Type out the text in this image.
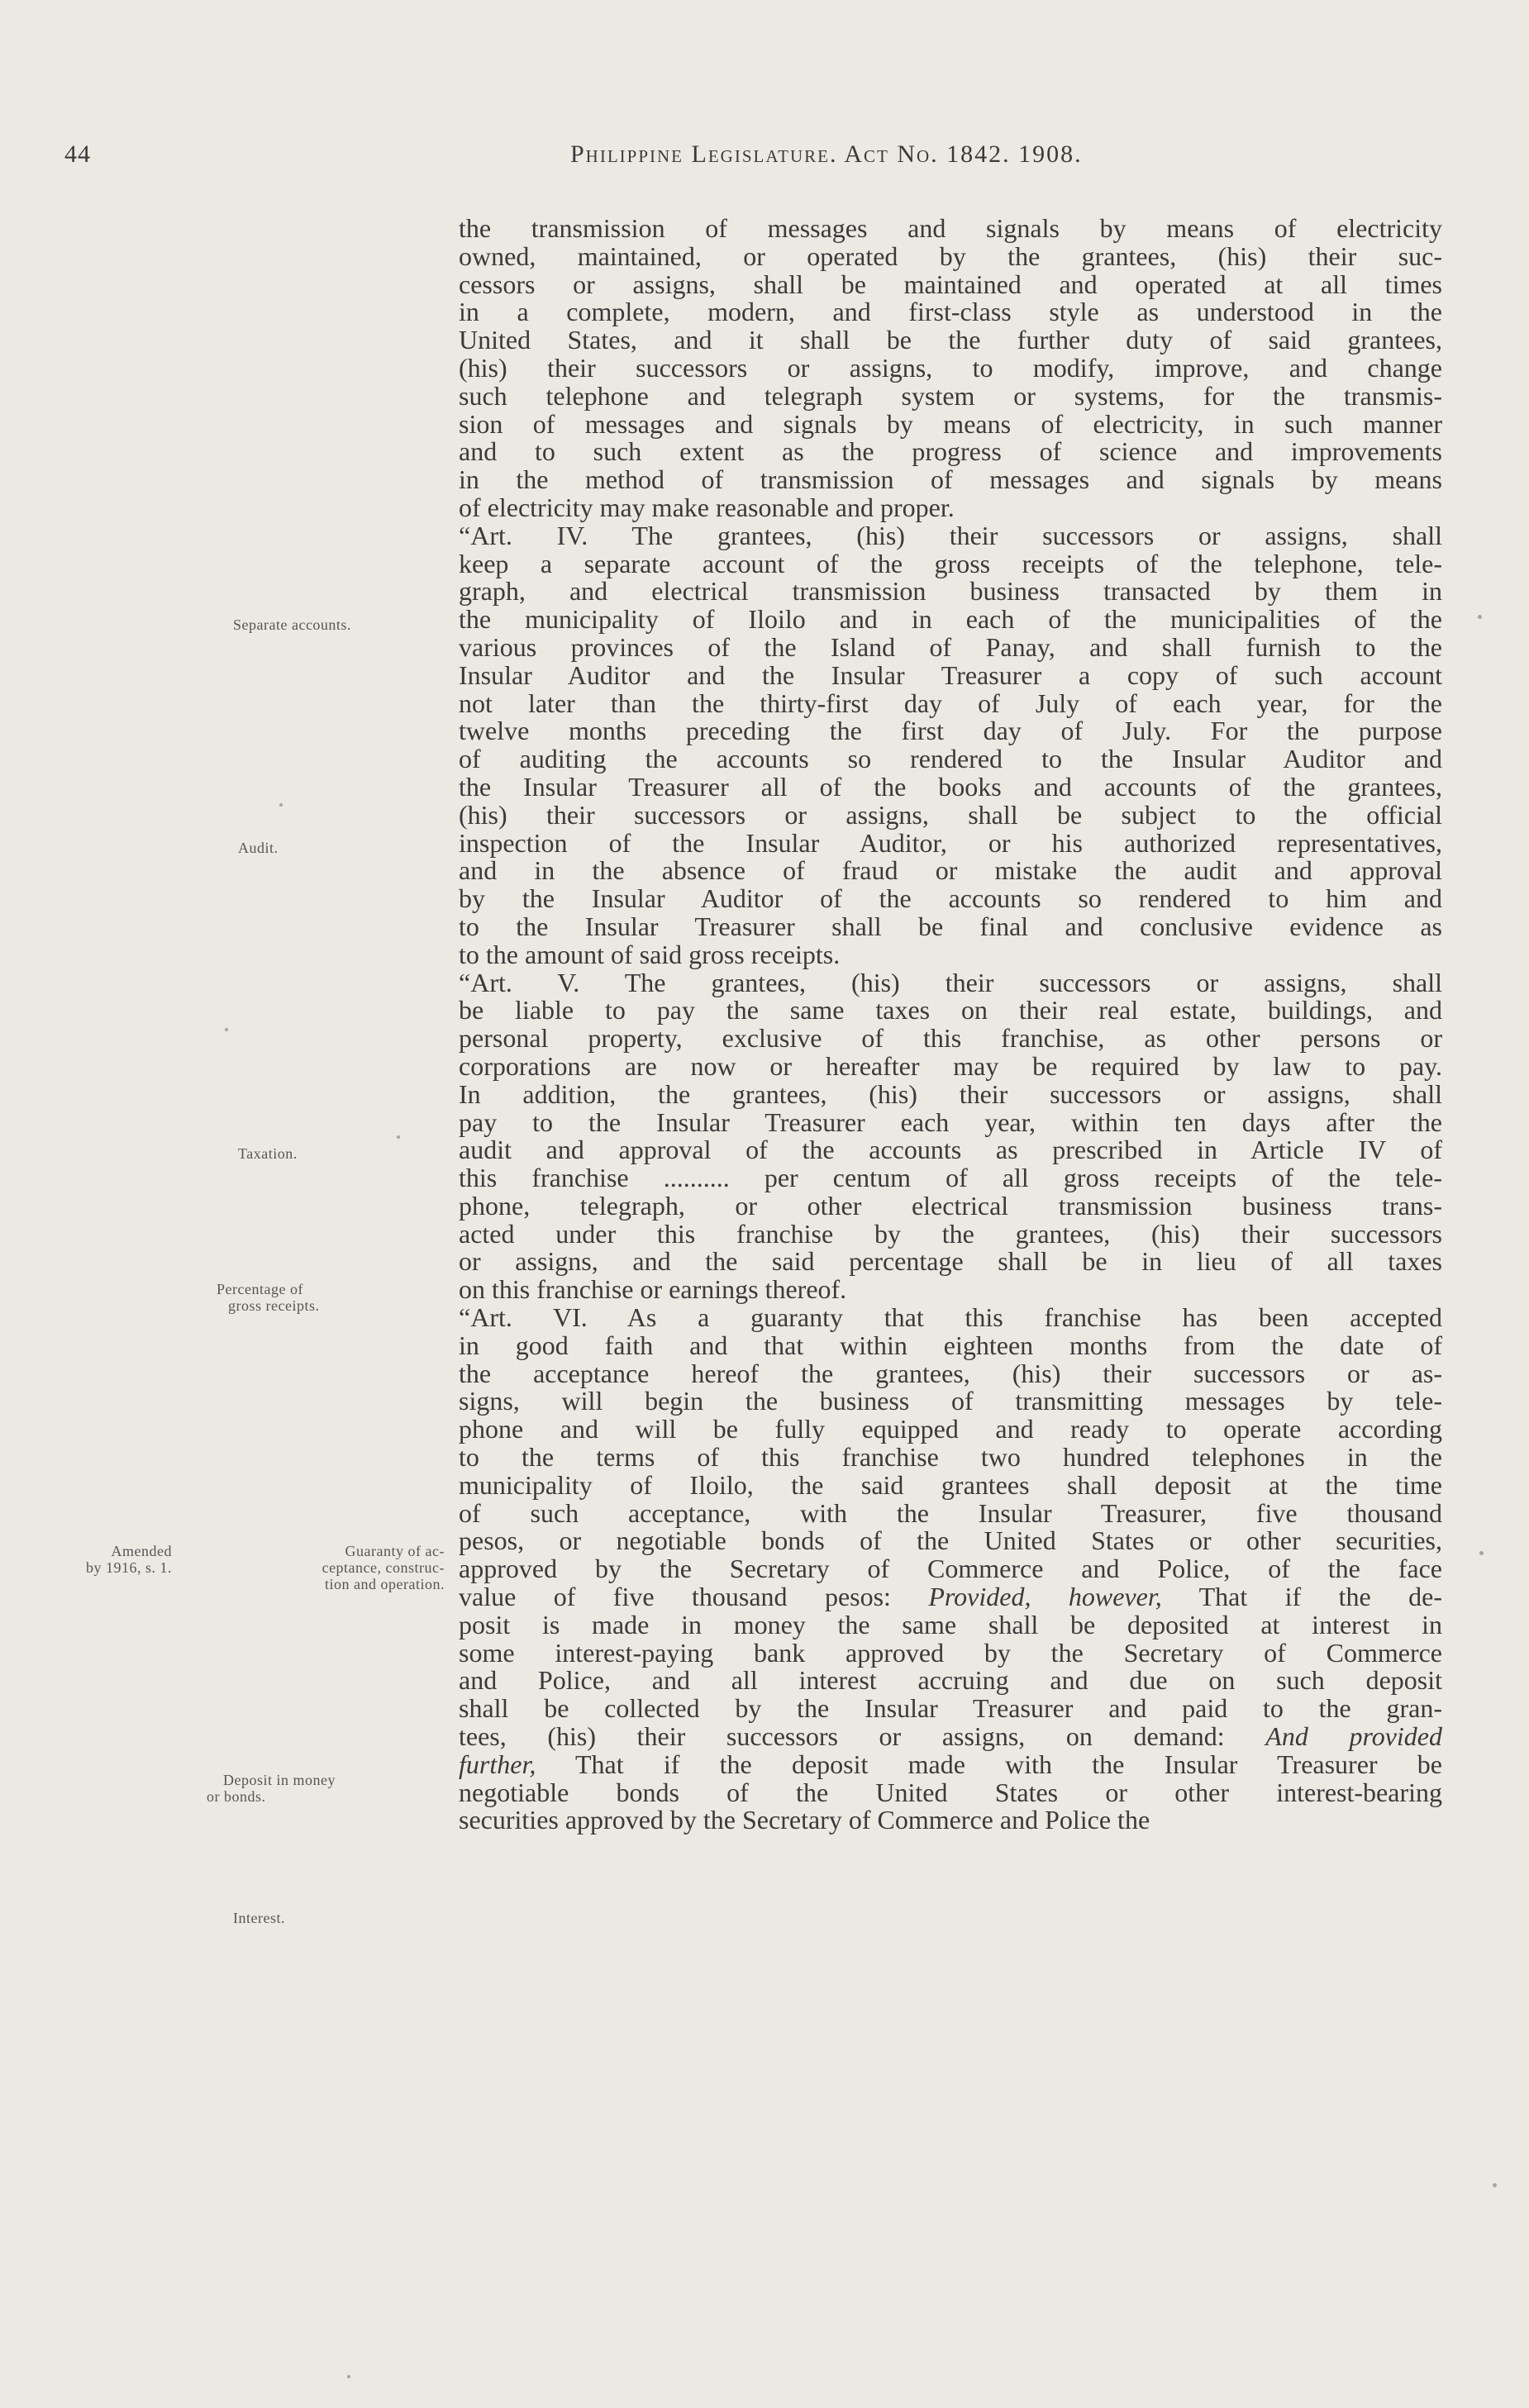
44	Philippine Legislature. Act No. 1842. 1908.
the transmission of messages and signals by means of electricity
owned, maintained, or operated by the grantees, (his) their suc-
cessors or assigns, shall be maintained and operated at all times
in a complete, modern, and first-class style as understood in the
United States, and it shall be the further duty of said grantees,
(his) their successors or assigns, to modify, improve, and change
such telephone and telegraph system or systems, for the transmis-
sion of messages and signals by means of electricity, in such manner
and to such extent as the progress of science and improvements
in the method of transmission of messages and signals by means
of electricity may make reasonable and proper.
“Art. IV. The grantees, (his) their successors or assigns, shall
keep a separate account of the gross receipts of the telephone, tele-
graph, and electrical transmission business transacted by them in
the municipality of Iloilo and in each of the municipalities of the
various provinces of the Island of Panay, and shall furnish to the
Insular Auditor and the Insular Treasurer a copy of such account
not later than the thirty-first day of July of each year, for the
twelve months preceding the first day of July. For the purpose
of auditing the accounts so rendered to the Insular Auditor and
the Insular Treasurer all of the books and accounts of the grantees,
(his) their successors or assigns, shall be subject to the official
inspection of the Insular Auditor, or his authorized representatives,
and in the absence of fraud or mistake the audit and approval
by the Insular Auditor of the accounts so rendered to him and
to the Insular Treasurer shall be final and conclusive evidence as
to the amount of said gross receipts.
“Art. V. The grantees, (his) their successors or assigns, shall
be liable to pay the same taxes on their real estate, buildings, and
personal property, exclusive of this franchise, as other persons or
corporations are now or hereafter may be required by law to pay.
In addition, the grantees, (his) their successors or assigns, shall
pay to the Insular Treasurer each year, within ten days after the
audit and approval of the accounts as prescribed in Article IV of
this franchise .......... per centum of all gross receipts of the tele-
phone, telegraph, or other electrical transmission business trans-
acted under this franchise by the grantees, (his) their successors
or assigns, and the said percentage shall be in lieu of all taxes
on this franchise or earnings thereof.
“Art. VI. As a guaranty that this franchise has been accepted
in good faith and that within eighteen months from the date of
the acceptance hereof the grantees, (his) their successors or as-
signs, will begin the business of transmitting messages by tele-
phone and will be fully equipped and ready to operate according
to the terms of this franchise two hundred telephones in the
municipality of Iloilo, the said grantees shall deposit at the time
of such acceptance, with the Insular Treasurer, five thousand
pesos, or negotiable bonds of the United States or other securities,
approved by the Secretary of Commerce and Police, of the face
value of five thousand pesos: Provided, however, That if the de-
posit is made in money the same shall be deposited at interest in
some interest-paying bank approved by the Secretary of Commerce
and Police, and all interest accruing and due on such deposit
shall be collected by the Insular Treasurer and paid to the gran-
tees, (his) their successors or assigns, on demand: And provided
further, That if the deposit made with the Insular Treasurer be
negotiable bonds of the United States or other interest-bearing
securities approved by the Secretary of Commerce and Police the
Separate accounts.
Audit.
Taxation.
Percentage of
gross receipts.
Amended
by 1916, s. 1.
Guaranty of ac-
ceptance, construc-
tion and operation.
Deposit in money
or bonds.
Interest.
